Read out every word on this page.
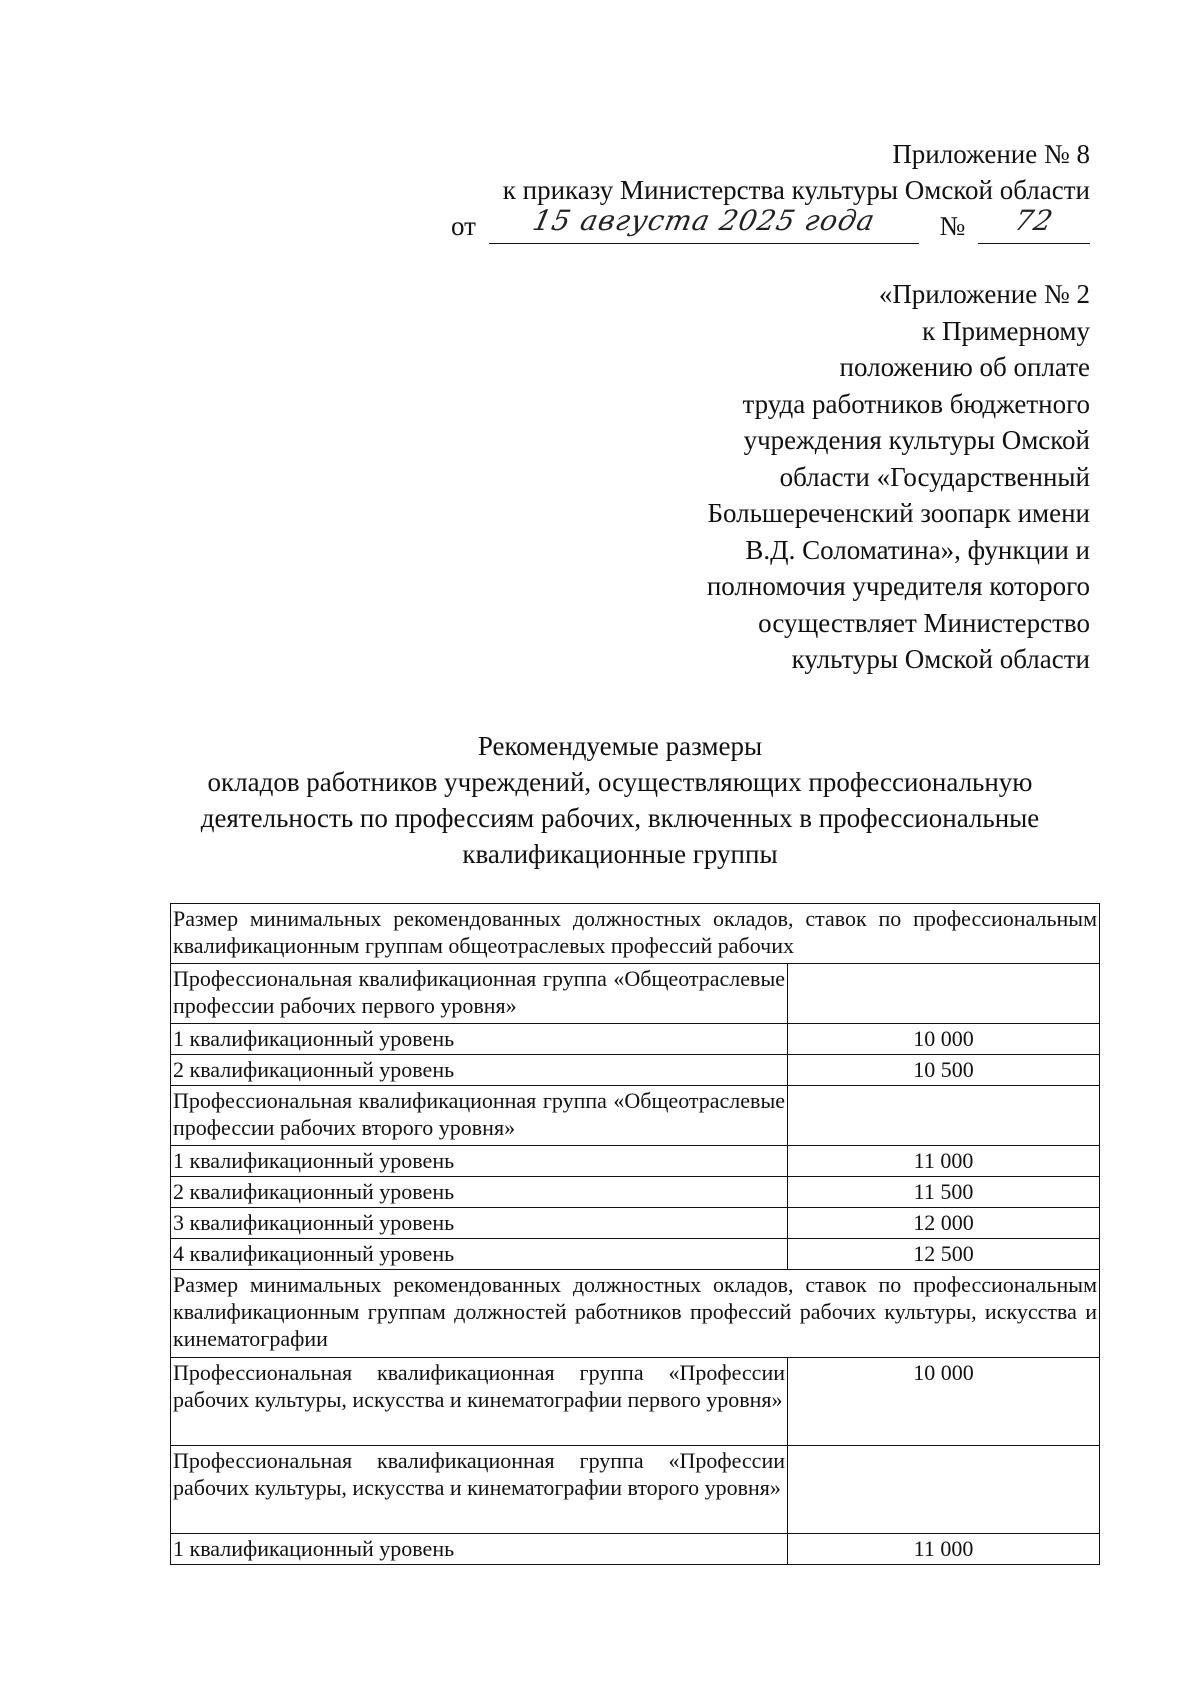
Приложение № 8
к приказу Министерства культуры Омской области
от	15 августа 2025 года	№	72
«Приложение № 2
к Примерному
положению об оплате
труда работников бюджетного
учреждения культуры Омской
области «Государственный
Большереченский зоопарк имени
В.Д. Соломатина», функции и
полномочия учредителя которого
осуществляет Министерство
культуры Омской области
Рекомендуемые размеры
окладов работников учреждений, осуществляющих профессиональную
деятельность по профессиям рабочих, включенных в профессиональные
квалификационные группы
Размер минимальных рекомендованных должностных окладов, ставок по профессиональным квалификационным группам общеотраслевых профессий рабочих	
Профессиональная квалификационная группа «Общеотраслевые профессии рабочих первого уровня»	
1 квалификационный уровень	10 000
2 квалификационный уровень	10 500
Профессиональная квалификационная группа «Общеотраслевые профессии рабочих второго уровня»	
1 квалификационный уровень	11 000
2 квалификационный уровень	11 500
3 квалификационный уровень	12 000
4 квалификационный уровень	12 500
Размер минимальных рекомендованных должностных окладов, ставок по профессиональным квалификационным группам должностей работников профессий рабочих культуры, искусства и кинематографии	
Профессиональная квалификационная группа «Профессии рабочих культуры, искусства и кинематографии первого уровня»	10 000
Профессиональная квалификационная группа «Профессии рабочих культуры, искусства и кинематографии второго уровня»	
1 квалификационный уровень	11 000
